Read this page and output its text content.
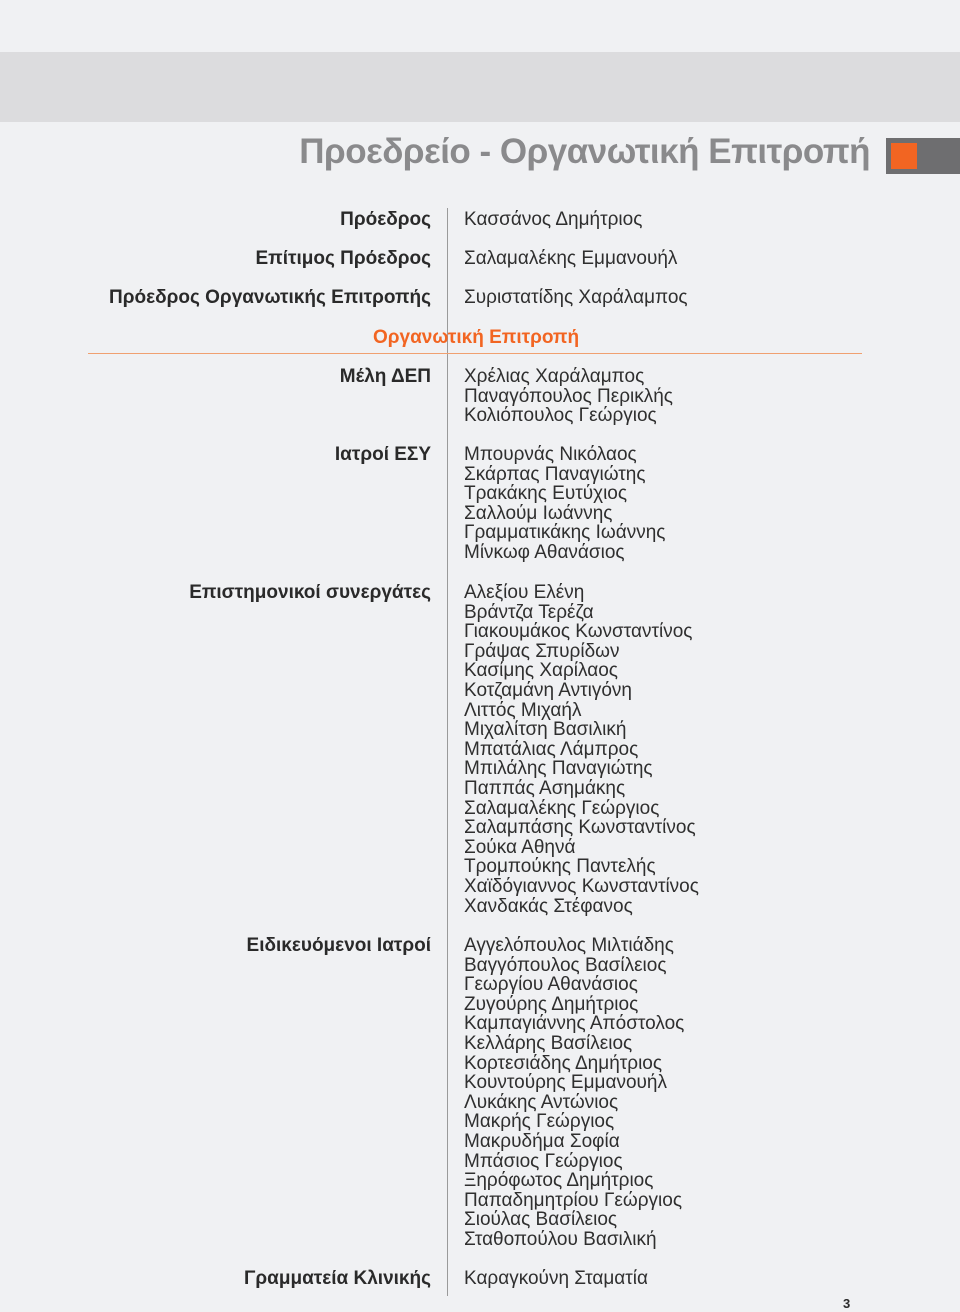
Προεδρείο - Οργανωτική Επιτροπή
Πρόεδρος Κασσάνος Δημήτριος
Επίτιμος Πρόεδρος Σαλαμαλέκης Εμμανουήλ
Πρόεδρος Οργανωτικής Επιτροπής Συριστατίδης Χαράλαμπος
Οργανωτική Επιτροπή
Μέλη ΔΕΠ Χρέλιας Χαράλαμπος
Παναγόπουλος Περικλής
Κολιόπουλος Γεώργιος
Ιατροί ΕΣΥ Μπουρνάς Νικόλαος
Σκάρπας Παναγιώτης
Τρακάκης Ευτύχιος
Σαλλούμ Ιωάννης
Γραμματικάκης Ιωάννης
Μίνκωφ Αθανάσιος
Επιστημονικοί συνεργάτες Αλεξίου Ελένη
Βράντζα Τερέζα
Γιακουμάκος Κωνσταντίνος
Γράψας Σπυρίδων
Κασίμης Χαρίλαος
Κοτζαμάνη Αντιγόνη
Λιττός Μιχαήλ
Μιχαλίτση Βασιλική
Μπατάλιας Λάμπρος
Μπιλάλης Παναγιώτης
Παππάς Ασημάκης
Σαλαμαλέκης Γεώργιος
Σαλαμπάσης Κωνσταντίνος
Σούκα Αθηνά
Τρομπούκης Παντελής
Χαϊδόγιαννος Κωνσταντίνος
Χανδακάς Στέφανος
Ειδικευόμενοι Ιατροί Αγγελόπουλος Μιλτιάδης
Βαγγόπουλος Βασίλειος
Γεωργίου Αθανάσιος
Ζυγούρης Δημήτριος
Καμπαγιάννης Απόστολος
Κελλάρης Βασίλειος
Κορτεσιάδης Δημήτριος
Κουντούρης Εμμανουήλ
Λυκάκης Αντώνιος
Μακρής Γεώργιος
Μακρυδήμα Σοφία
Μπάσιος Γεώργιος
Ξηρόφωτος Δημήτριος
Παπαδημητρίου Γεώργιος
Σιούλας Βασίλειος
Σταθοπούλου Βασιλική
Γραμματεία Κλινικής Καραγκούνη Σταματία
3
